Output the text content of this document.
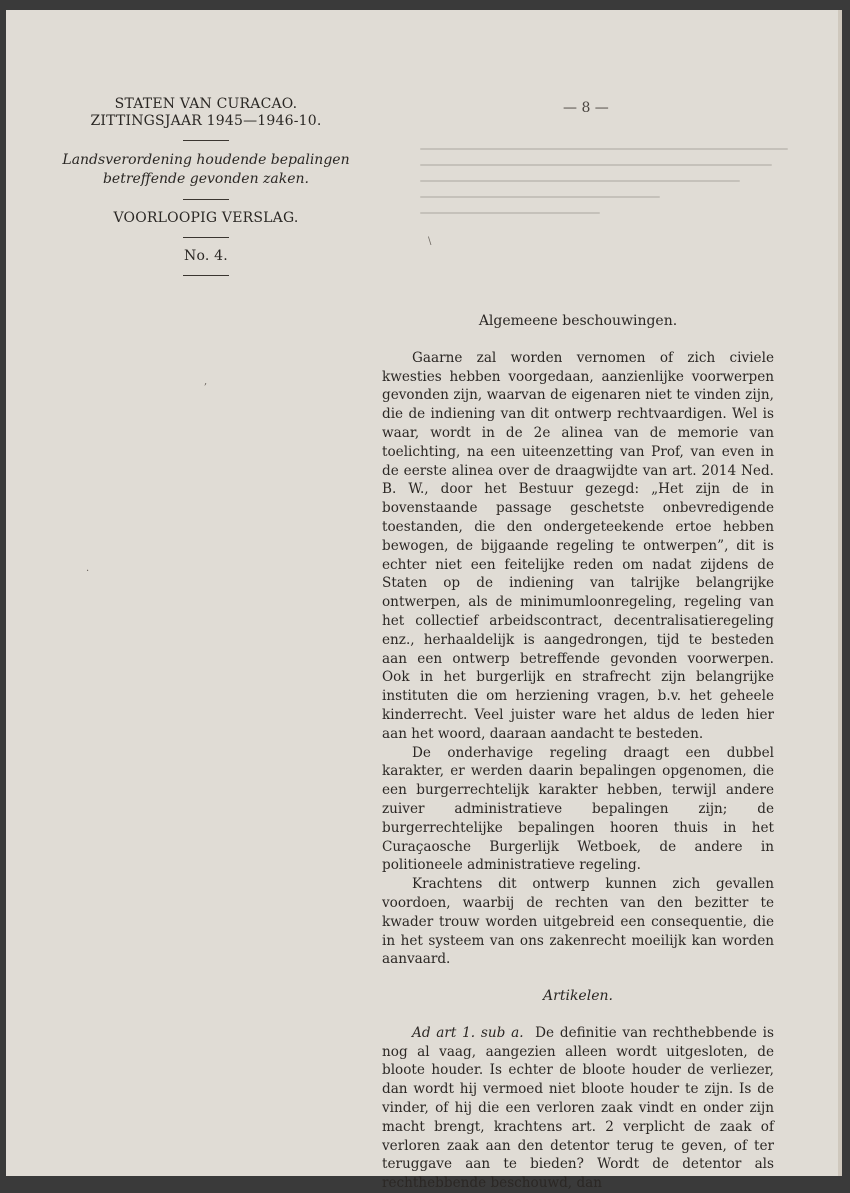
STATEN VAN CURACAO.
ZITTINGSJAAR 1945—1946-10.
Landsverordening houdende bepalingen
betreffende gevonden zaken.
VOORLOOPIG VERSLAG.
No. 4.
— 8 —
,
·
\
Algemeene beschouwingen.

Gaarne zal worden vernomen of zich civiele kwesties hebben voorgedaan, aanzienlijke voorwerpen gevonden zijn, waarvan de eigenaren niet te vinden zijn, die de indiening van dit ontwerp rechtvaardigen. Wel is waar, wordt in de 2e alinea van de memorie van toelichting, na een uiteenzetting van Prof, van even in de eerste alinea over de draagwijdte van art. 2014 Ned. B. W., door het Bestuur gezegd: „Het zijn de in bovenstaande passage geschetste onbevredigende toestanden, die den ondergeteekende ertoe hebben bewogen, de bijgaande regeling te ontwerpen”, dit is echter niet een feitelijke reden om nadat zijdens de Staten op de indiening van talrijke belangrijke ontwerpen, als de minimumloonregeling, regeling van het collectief arbeidscontract, decentralisatieregeling enz., herhaaldelijk is aangedrongen, tijd te besteden aan een ontwerp betreffende gevonden voorwerpen. Ook in het burgerlijk en strafrecht zijn belangrijke instituten die om herziening vragen, b.v. het geheele kinderrecht. Veel juister ware het aldus de leden hier aan het woord, daaraan aandacht te besteden.

De onderhavige regeling draagt een dubbel karakter, er werden daarin bepalingen opgenomen, die een burgerrechtelijk karakter hebben, terwijl andere zuiver administratieve bepalingen zijn; de burgerrechtelijke bepalingen hooren thuis in het Curaçaosche Burgerlijk Wetboek, de andere in politioneele administratieve regeling.

Krachtens dit ontwerp kunnen zich gevallen voordoen, waarbij de rechten van den bezitter te kwader trouw worden uitgebreid een consequentie, die in het systeem van ons zakenrecht moeilijk kan worden aanvaard.

Artikelen.

Ad art 1. sub a. De definitie van rechthebbende is nog al vaag, aangezien alleen wordt uitgesloten, de bloote houder. Is echter de bloote houder de verliezer, dan wordt hij vermoed niet bloote houder te zijn. Is de vinder, of hij die een verloren zaak vindt en onder zijn macht brengt, krachtens art. 2 verplicht de zaak of verloren zaak aan den detentor terug te geven, of ter teruggave aan te bieden? Wordt de detentor als rechthebbende beschouwd, dan
